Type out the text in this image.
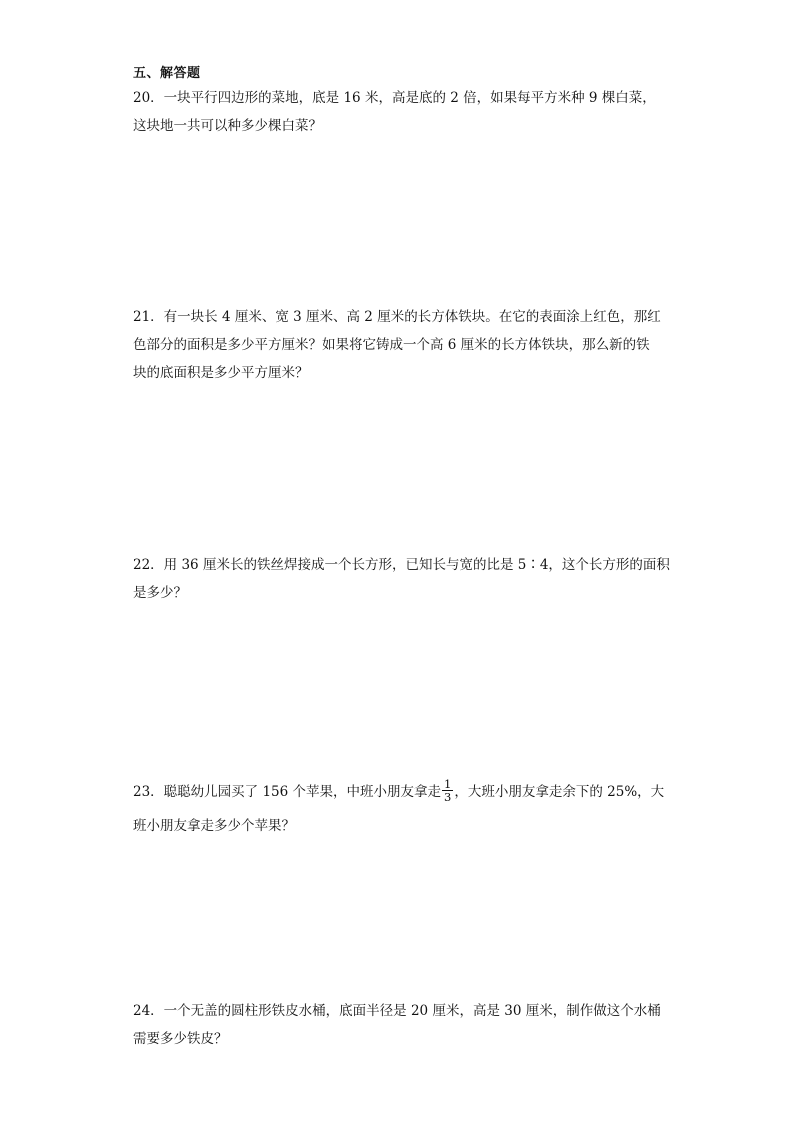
五、解答题
20．一块平行四边形的菜地，底是 16 米，高是底的 2 倍，如果每平方米种 9 棵白菜，
这块地一共可以种多少棵白菜？
21．有一块长 4 厘米、宽 3 厘米、高 2 厘米的长方体铁块。在它的表面涂上红色，那红
色部分的面积是多少平方厘米？如果将它铸成一个高 6 厘米的长方体铁块，那么新的铁
块的底面积是多少平方厘米？
22．用 36 厘米长的铁丝焊接成一个长方形，已知长与宽的比是 5∶4，这个长方形的面积
是多少？
23．聪聪幼儿园买了 156 个苹果，中班小朋友拿走 $\frac{1}{3}$ ，大班小朋友拿走余下的 25%，大
班小朋友拿走多少个苹果？
24．一个无盖的圆柱形铁皮水桶，底面半径是 20 厘米，高是 30 厘米，制作做这个水桶
需要多少铁皮？
